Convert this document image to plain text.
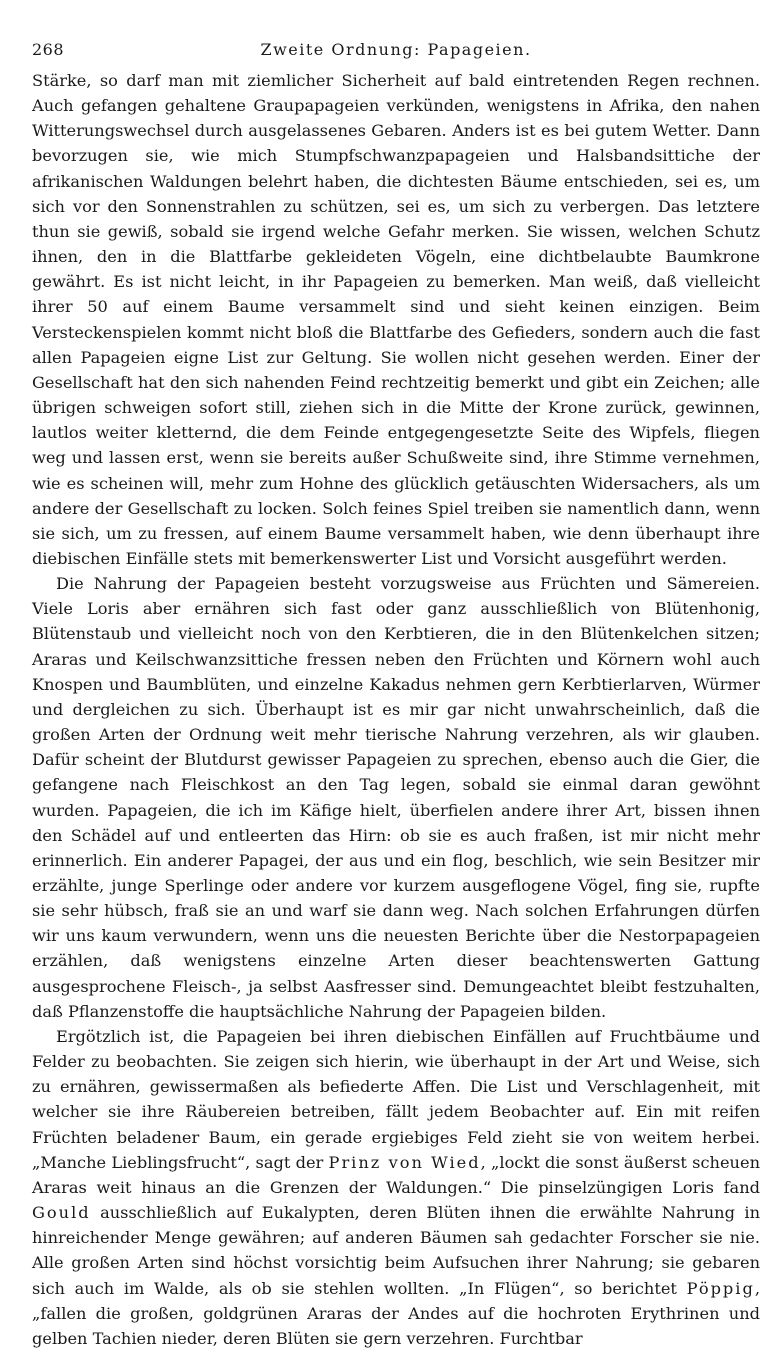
268	Zweite Ordnung: Papageien.

Stärke, so darf man mit ziemlicher Sicherheit auf bald eintretenden Regen rechnen. Auch gefangen gehaltene Graupapageien verkünden, wenigstens in Afrika, den nahen Witterungswechsel durch ausgelassenes Gebaren. Anders ist es bei gutem Wetter. Dann bevorzugen sie, wie mich Stumpfschwanzpapageien und Halsbandsittiche der afrikanischen Waldungen belehrt haben, die dichtesten Bäume entschieden, sei es, um sich vor den Sonnenstrahlen zu schützen, sei es, um sich zu verbergen. Das letztere thun sie gewiß, sobald sie irgend welche Gefahr merken. Sie wissen, welchen Schutz ihnen, den in die Blattfarbe gekleideten Vögeln, eine dichtbelaubte Baumkrone gewährt. Es ist nicht leicht, in ihr Papageien zu bemerken. Man weiß, daß vielleicht ihrer 50 auf einem Baume versammelt sind und sieht keinen einzigen. Beim Versteckenspielen kommt nicht bloß die Blattfarbe des Gefieders, sondern auch die fast allen Papageien eigne List zur Geltung. Sie wollen nicht gesehen werden. Einer der Gesellschaft hat den sich nahenden Feind rechtzeitig bemerkt und gibt ein Zeichen; alle übrigen schweigen sofort still, ziehen sich in die Mitte der Krone zurück, gewinnen, lautlos weiter kletternd, die dem Feinde entgegengesetzte Seite des Wipfels, fliegen weg und lassen erst, wenn sie bereits außer Schußweite sind, ihre Stimme vernehmen, wie es scheinen will, mehr zum Hohne des glücklich getäuschten Widersachers, als um andere der Gesellschaft zu locken. Solch feines Spiel treiben sie namentlich dann, wenn sie sich, um zu fressen, auf einem Baume versammelt haben, wie denn überhaupt ihre diebischen Einfälle stets mit bemerkenswerter List und Vorsicht ausgeführt werden.

Die Nahrung der Papageien besteht vorzugsweise aus Früchten und Sämereien. Viele Loris aber ernähren sich fast oder ganz ausschließlich von Blütenhonig, Blütenstaub und vielleicht noch von den Kerbtieren, die in den Blütenkelchen sitzen; Araras und Keilschwanzsittiche fressen neben den Früchten und Körnern wohl auch Knospen und Baumblüten, und einzelne Kakadus nehmen gern Kerbtierlarven, Würmer und dergleichen zu sich. Überhaupt ist es mir gar nicht unwahrscheinlich, daß die großen Arten der Ordnung weit mehr tierische Nahrung verzehren, als wir glauben. Dafür scheint der Blutdurst gewisser Papageien zu sprechen, ebenso auch die Gier, die gefangene nach Fleischkost an den Tag legen, sobald sie einmal daran gewöhnt wurden. Papageien, die ich im Käfige hielt, überfielen andere ihrer Art, bissen ihnen den Schädel auf und entleerten das Hirn: ob sie es auch fraßen, ist mir nicht mehr erinnerlich. Ein anderer Papagei, der aus und ein flog, beschlich, wie sein Besitzer mir erzählte, junge Sperlinge oder andere vor kurzem ausgeflogene Vögel, fing sie, rupfte sie sehr hübsch, fraß sie an und warf sie dann weg. Nach solchen Erfahrungen dürfen wir uns kaum verwundern, wenn uns die neuesten Berichte über die Nestorpapageien erzählen, daß wenigstens einzelne Arten dieser beachtenswerten Gattung ausgesprochene Fleisch-, ja selbst Aasfresser sind. Demungeachtet bleibt festzuhalten, daß Pflanzenstoffe die hauptsächliche Nahrung der Papageien bilden.

Ergötzlich ist, die Papageien bei ihren diebischen Einfällen auf Fruchtbäume und Felder zu beobachten. Sie zeigen sich hierin, wie überhaupt in der Art und Weise, sich zu ernähren, gewissermaßen als befiederte Affen. Die List und Verschlagenheit, mit welcher sie ihre Räubereien betreiben, fällt jedem Beobachter auf. Ein mit reifen Früchten beladener Baum, ein gerade ergiebiges Feld zieht sie von weitem herbei. „Manche Lieblingsfrucht“, sagt der Prinz von Wied, „lockt die sonst äußerst scheuen Araras weit hinaus an die Grenzen der Waldungen.“ Die pinselzüngigen Loris fand Gould ausschließlich auf Eukalypten, deren Blüten ihnen die erwählte Nahrung in hinreichender Menge gewähren; auf anderen Bäumen sah gedachter Forscher sie nie. Alle großen Arten sind höchst vorsichtig beim Aufsuchen ihrer Nahrung; sie gebaren sich auch im Walde, als ob sie stehlen wollten. „In Flügen“, so berichtet Pöppig, „fallen die großen, goldgrünen Araras der Andes auf die hochroten Erythrinen und gelben Tachien nieder, deren Blüten sie gern verzehren. Furchtbar
